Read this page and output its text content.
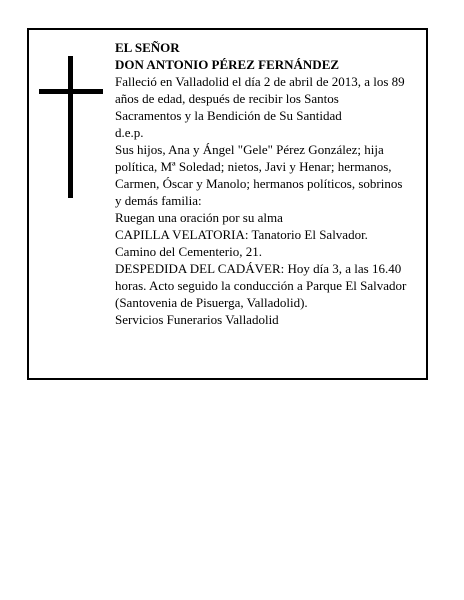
EL SEÑOR
DON ANTONIO PÉREZ FERNÁNDEZ
Falleció en Valladolid el día 2 de abril de 2013, a los 89
años de edad, después de recibir los Santos
Sacramentos y la Bendición de Su Santidad
d.e.p.
Sus hijos, Ana y Ángel "Gele" Pérez González; hija
política, Mª Soledad; nietos, Javi y Henar; hermanos,
Carmen, Óscar y Manolo; hermanos políticos, sobrinos
y demás familia:
Ruegan una oración por su alma
CAPILLA VELATORIA: Tanatorio El Salvador.
Camino del Cementerio, 21.
DESPEDIDA DEL CADÁVER: Hoy día 3, a las 16.40
horas. Acto seguido la conducción a Parque El Salvador
(Santovenia de Pisuerga, Valladolid).
Servicios Funerarios Valladolid
